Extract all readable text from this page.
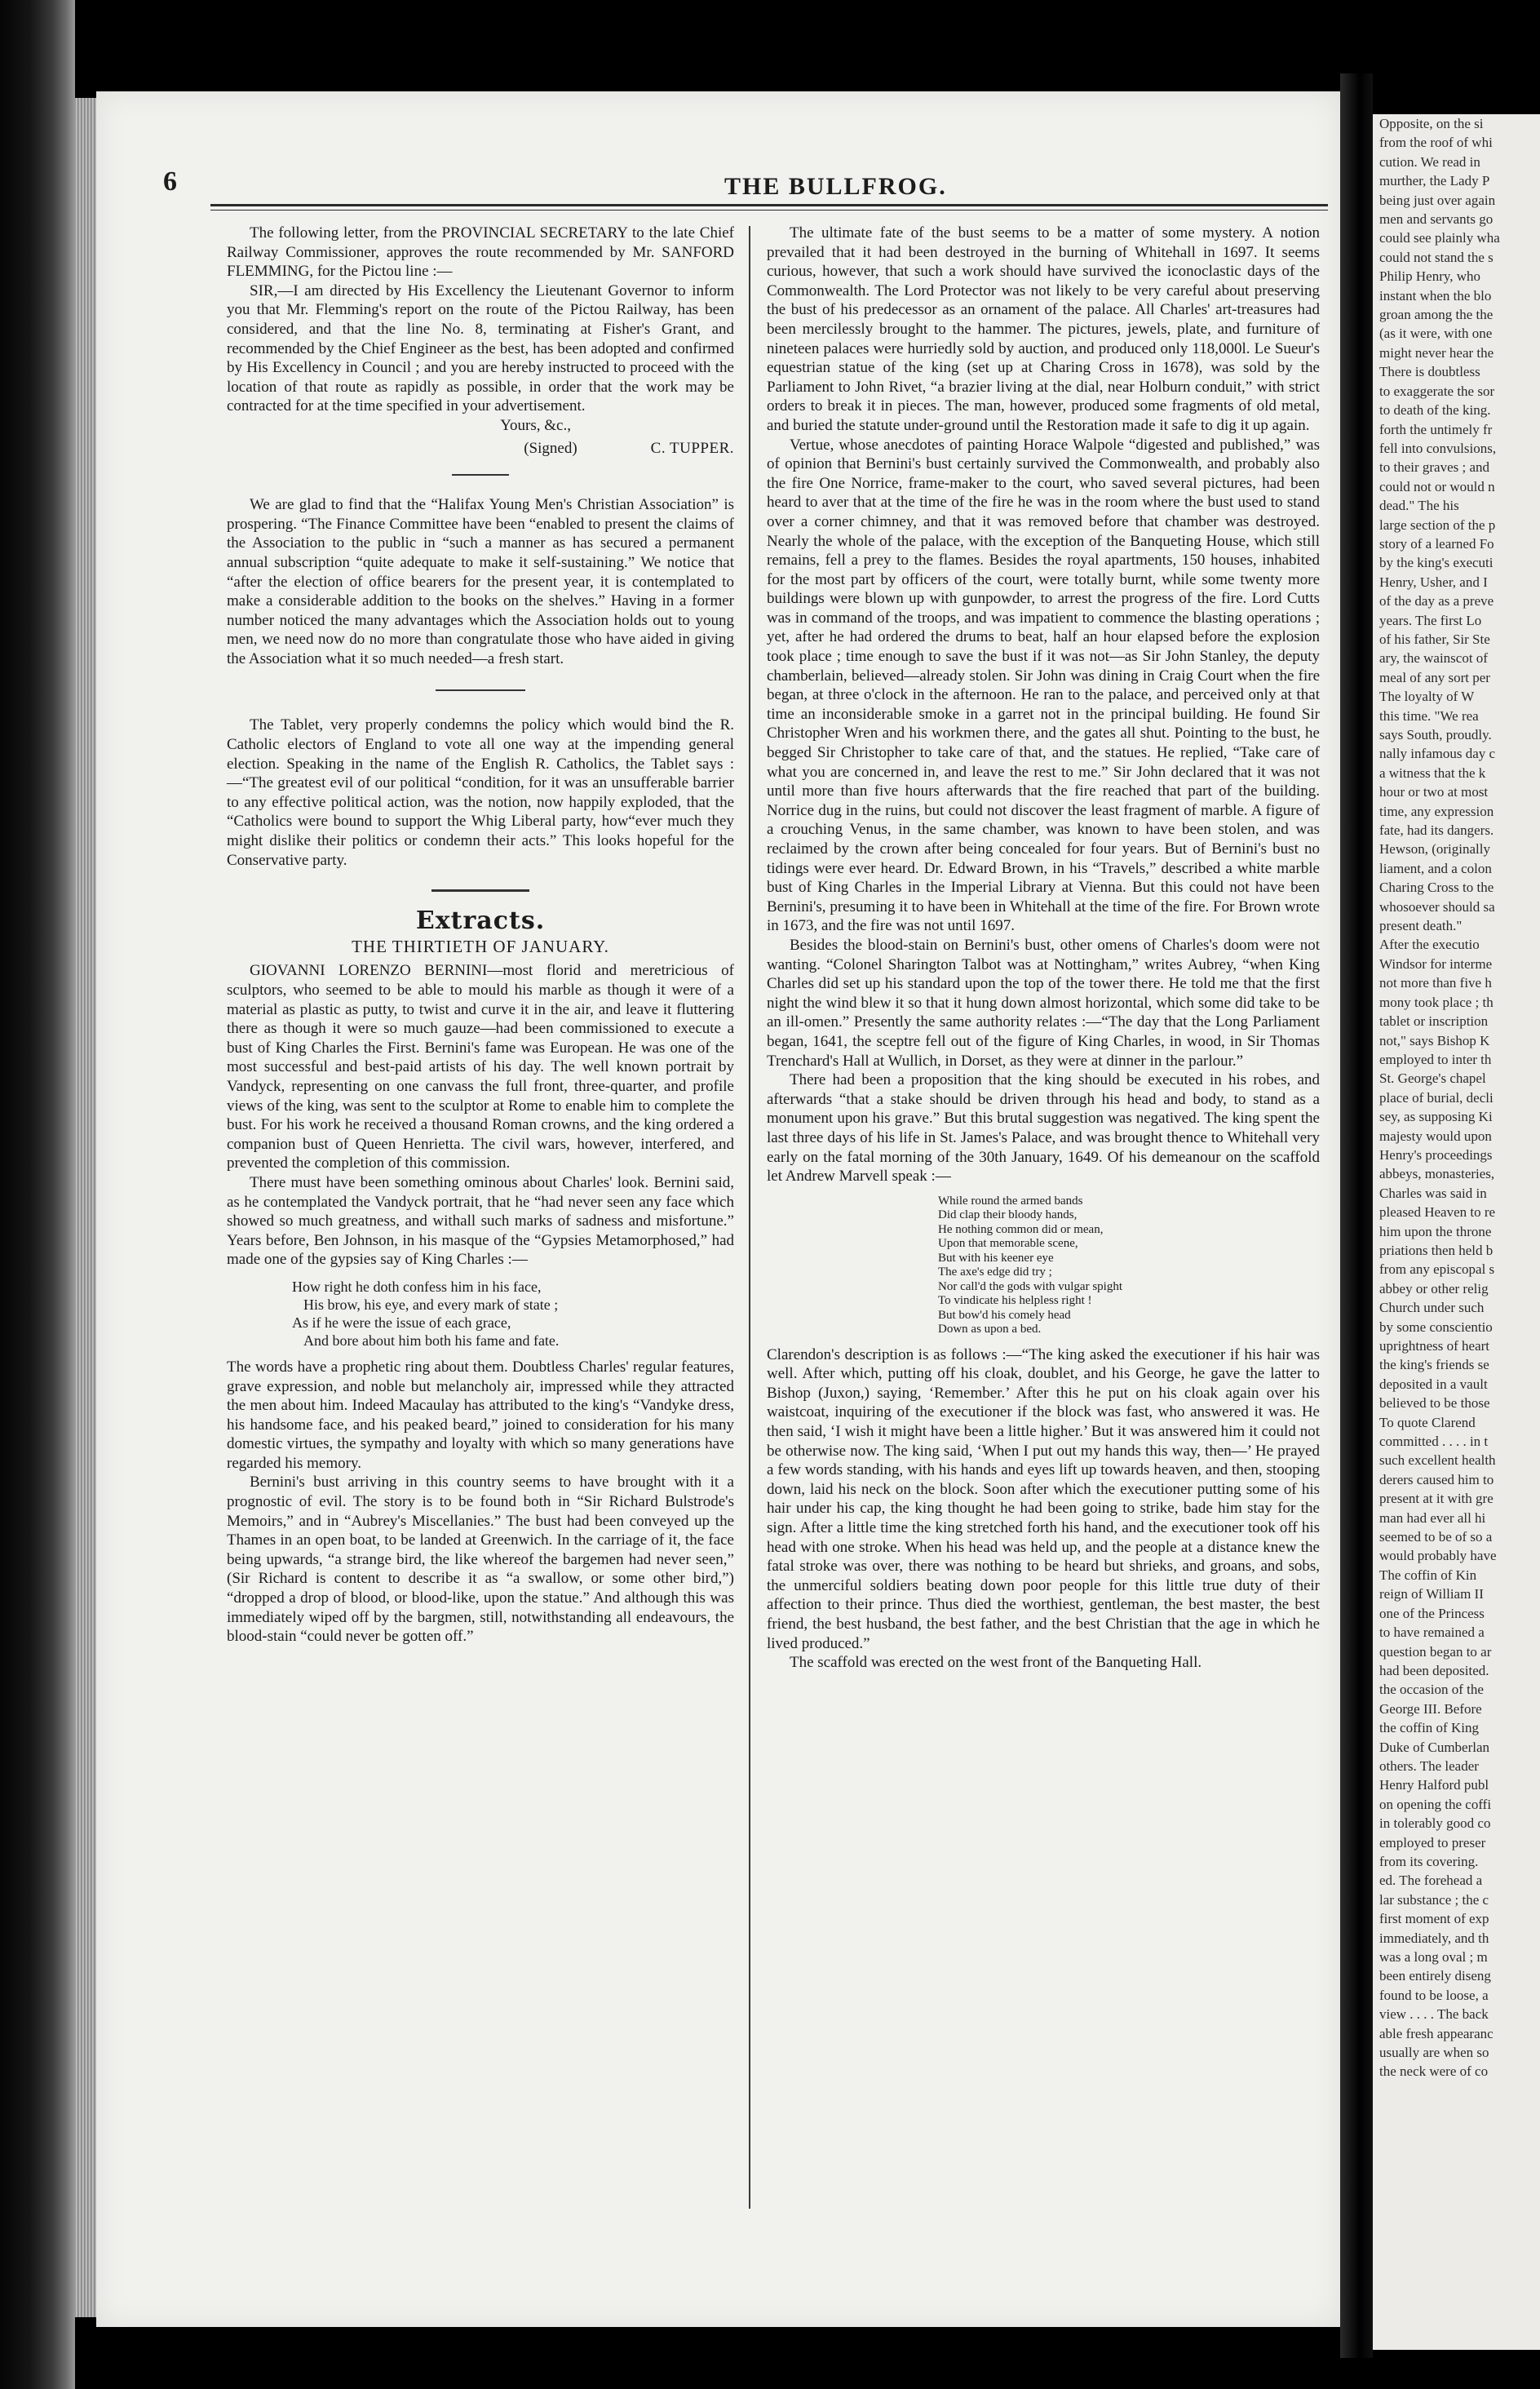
6	THE BULLFROG.

The following letter, from the PROVINCIAL SECRETARY to the late Chief Railway Commissioner, approves the route recommended by Mr. SANFORD FLEMMING, for the Pictou line :—

SIR,—I am directed by His Excellency the Lieutenant Governor to inform you that Mr. Flemming's report on the route of the Pictou Railway, has been considered, and that the line No. 8, terminating at Fisher's Grant, and recommended by the Chief Engineer as the best, has been adopted and confirmed by His Excellency in Council ; and you are hereby instructed to proceed with the location of that route as rapidly as possible, in order that the work may be contracted for at the time specified in your advertisement.

Yours, &c.,
(Signed)	C. TUPPER.

We are glad to find that the “Halifax Young Men's Christian Association” is prospering. “The Finance Committee have been “enabled to present the claims of the Association to the public in “such a manner as has secured a permanent annual subscription “quite adequate to make it self-sustaining.” We notice that “after the election of office bearers for the present year, it is contemplated to make a considerable addition to the books on the shelves.” Having in a former number noticed the many advantages which the Association holds out to young men, we need now do no more than congratulate those who have aided in giving the Association what it so much needed—a fresh start.

The Tablet, very properly condemns the policy which would bind the R. Catholic electors of England to vote all one way at the impending general election. Speaking in the name of the English R. Catholics, the Tablet says :—“The greatest evil of our political “condition, for it was an unsufferable barrier to any effective political action, was the notion, now happily exploded, that the “Catholics were bound to support the Whig Liberal party, how“ever much they might dislike their politics or condemn their acts.” This looks hopeful for the Conservative party.

Extracts.
THE THIRTIETH OF JANUARY.

GIOVANNI LORENZO BERNINI—most florid and meretricious of sculptors, who seemed to be able to mould his marble as though it were of a material as plastic as putty, to twist and curve it in the air, and leave it fluttering there as though it were so much gauze—had been commissioned to execute a bust of King Charles the First. Bernini's fame was European. He was one of the most successful and best-paid artists of his day. The well known portrait by Vandyck, representing on one canvass the full front, three-quarter, and profile views of the king, was sent to the sculptor at Rome to enable him to complete the bust. For his work he received a thousand Roman crowns, and the king ordered a companion bust of Queen Henrietta. The civil wars, however, interfered, and prevented the completion of this commission.

There must have been something ominous about Charles' look. Bernini said, as he contemplated the Vandyck portrait, that he “had never seen any face which showed so much greatness, and withall such marks of sadness and misfortune.” Years before, Ben Johnson, in his masque of the “Gypsies Metamorphosed,” had made one of the gypsies say of King Charles :—

How right he doth confess him in his face,
His brow, his eye, and every mark of state ;
As if he were the issue of each grace,
And bore about him both his fame and fate.

The words have a prophetic ring about them. Doubtless Charles' regular features, grave expression, and noble but melancholy air, impressed while they attracted the men about him. Indeed Macaulay has attributed to the king's “Vandyke dress, his handsome face, and his peaked beard,” joined to consideration for his many domestic virtues, the sympathy and loyalty with which so many generations have regarded his memory.

Bernini's bust arriving in this country seems to have brought with it a prognostic of evil. The story is to be found both in “Sir Richard Bulstrode's Memoirs,” and in “Aubrey's Miscellanies.” The bust had been conveyed up the Thames in an open boat, to be landed at Greenwich. In the carriage of it, the face being upwards, “a strange bird, the like whereof the bargemen had never seen,” (Sir Richard is content to describe it as “a swallow, or some other bird,”) “dropped a drop of blood, or blood-like, upon the statue.” And although this was immediately wiped off by the bargmen, still, notwithstanding all endeavours, the blood-stain “could never be gotten off.”

The ultimate fate of the bust seems to be a matter of some mystery. A notion prevailed that it had been destroyed in the burning of Whitehall in 1697. It seems curious, however, that such a work should have survived the iconoclastic days of the Commonwealth. The Lord Protector was not likely to be very careful about preserving the bust of his predecessor as an ornament of the palace. All Charles' art-treasures had been mercilessly brought to the hammer. The pictures, jewels, plate, and furniture of nineteen palaces were hurriedly sold by auction, and produced only 118,000l. Le Sueur's equestrian statue of the king (set up at Charing Cross in 1678), was sold by the Parliament to John Rivet, “a brazier living at the dial, near Holburn conduit,” with strict orders to break it in pieces. The man, however, produced some fragments of old metal, and buried the statute under-ground until the Restoration made it safe to dig it up again.

Vertue, whose anecdotes of painting Horace Walpole “digested and published,” was of opinion that Bernini's bust certainly survived the Commonwealth, and probably also the fire One Norrice, frame-maker to the court, who saved several pictures, had been heard to aver that at the time of the fire he was in the room where the bust used to stand over a corner chimney, and that it was removed before that chamber was destroyed. Nearly the whole of the palace, with the exception of the Banqueting House, which still remains, fell a prey to the flames. Besides the royal apartments, 150 houses, inhabited for the most part by officers of the court, were totally burnt, while some twenty more buildings were blown up with gunpowder, to arrest the progress of the fire. Lord Cutts was in command of the troops, and was impatient to commence the blasting operations ; yet, after he had ordered the drums to beat, half an hour elapsed before the explosion took place ; time enough to save the bust if it was not—as Sir John Stanley, the deputy chamberlain, believed—already stolen. Sir John was dining in Craig Court when the fire began, at three o'clock in the afternoon. He ran to the palace, and perceived only at that time an inconsiderable smoke in a garret not in the principal building. He found Sir Christopher Wren and his workmen there, and the gates all shut. Pointing to the bust, he begged Sir Christopher to take care of that, and the statues. He replied, “Take care of what you are concerned in, and leave the rest to me.” Sir John declared that it was not until more than five hours afterwards that the fire reached that part of the building. Norrice dug in the ruins, but could not discover the least fragment of marble. A figure of a crouching Venus, in the same chamber, was known to have been stolen, and was reclaimed by the crown after being concealed for four years. But of Bernini's bust no tidings were ever heard. Dr. Edward Brown, in his “Travels,” described a white marble bust of King Charles in the Imperial Library at Vienna. But this could not have been Bernini's, presuming it to have been in Whitehall at the time of the fire. For Brown wrote in 1673, and the fire was not until 1697.

Besides the blood-stain on Bernini's bust, other omens of Charles's doom were not wanting. “Colonel Sharington Talbot was at Nottingham,” writes Aubrey, “when King Charles did set up his standard upon the top of the tower there. He told me that the first night the wind blew it so that it hung down almost horizontal, which some did take to be an ill-omen.” Presently the same authority relates :—“The day that the Long Parliament began, 1641, the sceptre fell out of the figure of King Charles, in wood, in Sir Thomas Trenchard's Hall at Wullich, in Dorset, as they were at dinner in the parlour.”

There had been a proposition that the king should be executed in his robes, and afterwards “that a stake should be driven through his head and body, to stand as a monument upon his grave.” But this brutal suggestion was negatived. The king spent the last three days of his life in St. James's Palace, and was brought thence to Whitehall very early on the fatal morning of the 30th January, 1649. Of his demeanour on the scaffold let Andrew Marvell speak :—

While round the armed bands
Did clap their bloody hands,
He nothing common did or mean,
Upon that memorable scene,
But with his keener eye
The axe's edge did try ;
Nor call'd the gods with vulgar spight
To vindicate his helpless right !
But bow'd his comely head
Down as upon a bed.

Clarendon's description is as follows :—“The king asked the executioner if his hair was well. After which, putting off his cloak, doublet, and his George, he gave the latter to Bishop (Juxon,) saying, ‘Remember.’ After this he put on his cloak again over his waistcoat, inquiring of the executioner if the block was fast, who answered it was. He then said, ‘I wish it might have been a little higher.’ But it was answered him it could not be otherwise now. The king said, ‘When I put out my hands this way, then—’ He prayed a few words standing, with his hands and eyes lift up towards heaven, and then, stooping down, laid his neck on the block. Soon after which the executioner putting some of his hair under his cap, the king thought he had been going to strike, bade him stay for the sign. After a little time the king stretched forth his hand, and the executioner took off his head with one stroke. When his head was held up, and the people at a distance knew the fatal stroke was over, there was nothing to be heard but shrieks, and groans, and sobs, the unmerciful soldiers beating down poor people for this little true duty of their affection to their prince. Thus died the worthiest, gentleman, the best master, the best friend, the best husband, the best father, and the best Christian that the age in which he lived produced.”

The scaffold was erected on the west front of the Banqueting Hall.

Opposite, on the si
from the roof of whi
cution. We read in
murther, the Lady P
being just over again
men and servants go
could see plainly wha
could not stand the s
Philip Henry, who
instant when the blo
groan among the the
(as it were, with one
might never hear the
There is doubtless
to exaggerate the sor
to death of the king.
forth the untimely fr
fell into convulsions,
to their graves ; and
could not or would n
dead." The his
large section of the p
story of a learned Fo
by the king's executi
Henry, Usher, and I
of the day as a preve
years. The first Lo
of his father, Sir Ste
ary, the wainscot of
meal of any sort per
The loyalty of W
this time. "We rea
says South, proudly.
nally infamous day c
a witness that the k
hour or two at most
time, any expression
fate, had its dangers.
Hewson, (originally
liament, and a colon
Charing Cross to the
whosoever should sa
present death."
After the executio
Windsor for interme
not more than five h
mony took place ; th
tablet or inscription
not," says Bishop K
employed to inter th
St. George's chapel
place of burial, decli
sey, as supposing Ki
majesty would upon
Henry's proceedings
abbeys, monasteries,
Charles was said in
pleased Heaven to re
him upon the throne
priations then held b
from any episcopal s
abbey or other relig
Church under such
by some conscientio
uprightness of heart
the king's friends se
deposited in a vault
believed to be those
To quote Clarend
committed . . . . in t
such excellent health
derers caused him to
present at it with gre
man had ever all hi
seemed to be of so a
would probably have
The coffin of Kin
reign of William II
one of the Princess
to have remained a
question began to ar
had been deposited.
the occasion of the
George III. Before
the coffin of King
Duke of Cumberlan
others. The leader
Henry Halford publ
on opening the coffi
in tolerably good co
employed to preser
from its covering.
ed. The forehead a
lar substance ; the c
first moment of exp
immediately, and th
was a long oval ; m
been entirely diseng
found to be loose, a
view . . . . The back
able fresh appearanc
usually are when so
the neck were of co
